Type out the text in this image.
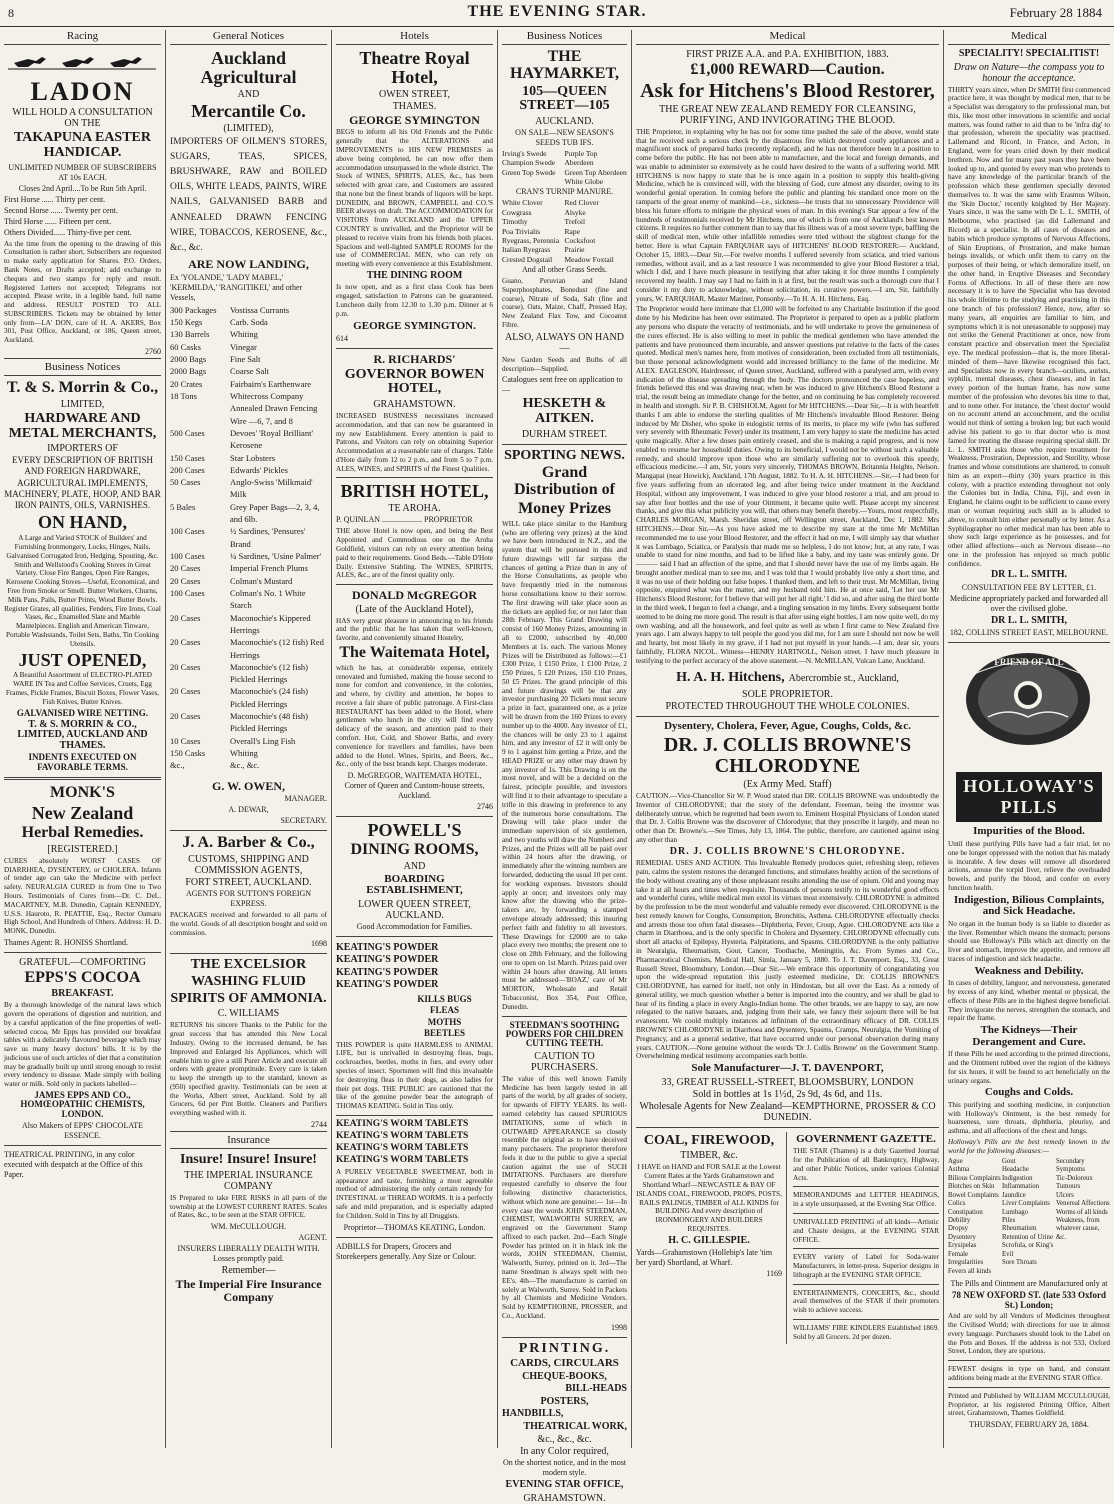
8	THE EVENING STAR.	February 28 1884
Racing
LADON
WILL HOLD A CONSULTATION ON THE
TAKAPUNA EASTER HANDICAP.
UNLIMITED NUMBER OF SUBSCRIBERS AT 10s EACH.
Closes 2nd April....To be Run 5th April.
First Horse ...... Thirty per cent.
Second Horse ...... Twenty per cent.
Third Horse ...... Fifteen per cent.
Others Divided...... Thirty-five per cent.
As the time from the opening to the drawing of this Consultation is rather short, Subscribers are requested to make early application for Shares. P.O. Orders, Bank Notes, or Drafts accepted; add exchange to cheques and two stamps for reply and result. Registered Letters not accepted; Telegrams not accepted. Please write, in a legible hand, full name and address. RESULT POSTED TO ALL SUBSCRIBERS. Tickets may be obtained by letter only from—LA' DON, care of H. A. AKERS, Box 301, Post Office, Auckland, or 186, Queen street, Auckland.
2760
Business Notices
T. & S. Morrin & Co.,
LIMITED,
HARDWARE AND METAL MERCHANTS,
IMPORTERS OF
EVERY DESCRIPTION OF BRITISH AND FOREIGN HARDWARE, AGRICULTURAL IMPLEMENTS, MACHINERY, PLATE, HOOP, AND BAR IRON PAINTS, OILS, VARNISHES.
ON HAND,
A Large and Varied STOCK of Builders' and Furnishing Ironmongery, Locks, Hinges, Nails, Galvanised Corrugated Iron, Hedging, Spouting, &c. Smith and Wellstood's Cooking Stoves in Great Variety. Close Fire Ranges, Open Fire Ranges, Kerosene Cooking Stoves—Useful, Economical, and Free from Smoke or Smell. Butter Workers, Churns, Milk Pans, Pails, Butter Prints, Wood Butter Bowls. Register Grates, all qualities, Fenders, Fire Irons, Coal Vases, &c., Enamelled Slate and Marble Mantelpieces. English and American Tinware, Portable Washstands, Toilet Sets, Baths, Tin Cooking Utensils.
JUST OPENED,
A Beautiful Assortment of ELECTRO-PLATED WARE IN Tea and Coffee Services, Cruets, Egg Frames, Pickle Frames, Biscuit Boxes, Flower Vases, Fish Knives, Butter Knives.
GALVANISED WIRE NETTING.
T. & S. MORRIN & CO., LIMITED, AUCKLAND AND THAMES.
INDENTS EXECUTED ON FAVORABLE TERMS.
MONK'S
New Zealand
Herbal Remedies.
[REGISTERED.]
CURES absolutely WORST CASES OF DIARRHŒA, DYSENTERY, or CHOLERA. Infants of tender age can take the Medicine with perfect safety. NEURALGIA CURED in from One to Two Hours. Testimonials of Cures from—Dr. C. DeL. MACARTNEY, M.B. Dunedin, Captain KENNEDY, U.S.S. Hauroto, R. PEATTIE, Esq., Rector Oamaru High School, And Hundreds of Others. Address: H. D. MONK, Dunedin.
Thames Agent: R. HONISS Shortland.
GRATEFUL—COMFORTING
EPPS'S COCOA
BREAKFAST.
By a thorough knowledge of the natural laws which govern the operations of digestion and nutrition, and by a careful application of the fine properties of well-selected cocoa, Mr Epps has provided our breakfast tables with a delicately flavoured beverage which may save us many heavy doctors' bills. It is by the judicious use of such articles of diet that a constitution may be gradually built up until strong enough to resist every tendency to disease. Made simply with boiling water or milk. Sold only in packets labelled—
JAMES EPPS AND CO., HOMŒOPATHIC CHEMISTS, LONDON.
Also Makers of EPPS' CHOCOLATE ESSENCE.
THEATRICAL PRINTING, in any color executed with despatch at the Office of this Paper.
General Notices
Auckland Agricultural
AND
Mercantile Co.
(LIMITED),
IMPORTERS OF OILMEN'S STORES, SUGARS, TEAS, SPICES, BRUSHWARE, RAW and BOILED OILS, WHITE LEADS, PAINTS, WIRE NAILS, GALVANISED BARB and ANNEALED DRAWN FENCING WIRE, TOBACCOS, KEROSENE, &c., &c., &c.
ARE NOW LANDING,
Ex 'YOLANDE,' 'LADY MABEL,' 'KERMILDA,' 'RANGITIKEI,' and other Vessels,
300 Packages	Vostissa Currants
150 Kegs	Carb. Soda
130 Barrels	Whiting
60 Casks	Vinegar
2000 Bags	Fine Salt
2000 Bags	Coarse Salt
20 Crates	Fairbairn's Earthenware
18 Tons	Whitecross Company Annealed Drawn Fencing Wire —6, 7, and 8
500 Cases	Devoes' 'Royal Brilliant' Kerosene
150 Cases	Star Lobsters
200 Cases	Edwards' Pickles
50 Cases	Anglo-Swiss 'Milkmaid' Milk
5 Bales	Grey Paper Bags—2, 3, 4, and 6lb.
100 Cases	½ Sardines, 'Pensures' Brand
100 Cases	¼ Sardines, 'Usine Palmer'
20 Cases	Imperial French Plums
20 Cases	Colman's Mustard
100 Cases	Colman's No. 1 White Starch
20 Cases	Maconochie's Kippered Herrings
20 Cases	Maconochie's (12 fish) Red Herrings
20 Cases	Maconochie's (12 fish) Pickled Herrings
20 Cases	Maconochie's (24 fish) Pickled Herrings
20 Cases	Maconochie's (48 fish) Pickled Herrings
10 Cases	Overall's Ling Fish
150 Casks	Whiting
&c.,	&c., &c.
G. W. OWEN,
MANAGER.
A. DEWAR,
SECRETARY.
J. A. Barber & Co.,
CUSTOMS, SHIPPING AND COMMISSION AGENTS,
FORT STREET, AUCKLAND.
AGENTS FOR SUTTON'S FOREIGN EXPRESS.
PACKAGES received and forwarded to all parts of the world. Goods of all description bought and sold on commission.
1698
THE EXCELSIOR
WASHING FLUID
SPIRITS OF AMMONIA.
C. WILLIAMS
RETURNS his sincere Thanks to the Public for the great success that has attended this New Local Industry. Owing to the increased demand, he has Improved and Enlarged his Appliances, which will enable him to give a still Purer Article and execute all orders with greater promptitude. Every care is taken to keep the strength up to the standard, known as (950) specified gravity. Testimonials can be seen at the Works, Albert street, Auckland. Sold by all Grocers, 6d per Pint Bottle. Cleaners and Purifiers everything washed with it.
2744
Insurance
Insure! Insure! Insure!
THE IMPERIAL INSURANCE COMPANY
IS Prepared to take FIRE RISKS in all parts of the township at the LOWEST CURRENT RATES. Scales of Rates, &c., to be seen at the STAR OFFICE.
WM. McCULLOUGH.
AGENT.
INSURERS LIBERALLY DEALTH WITH. Losses promptly paid.
Remember—
The Imperial Fire Insurance Company
Hotels
Theatre Royal Hotel,
OWEN STREET,
THAMES.
GEORGE SYMINGTON
BEGS to inform all his Old Friends and the Public generally that the ALTERATIONS and IMPROVEMENTS to HIS NEW PREMISES as above being completed, he can now offer them accommodation unsurpassed in the whole district. The Stock of WINES, SPIRITS, ALES, &c., has been selected with great care, and Customers are assured that none but the finest brands of liquors will be kept. DUNEDIN, and BROWN, CAMPBELL and CO.'S BEER always on draft. The ACCOMMODATION for VISITORS from AUCKLAND and the UPPER COUNTRY is unrivalled, and the Proprietor will be pleased to receive visits from his friends both places. Spacious and well-lighted SAMPLE ROOMS for the use of COMMERCIAL MEN, who can rely on meeting with every convenience at this Establishment.
THE DINING ROOM
Is now open, and as a first class Cook has been engaged, satisfaction to Patrons can be guaranteed. Luncheon daily from 12.30 to 1.30 p.m. Dinner at 6 p.m.
GEORGE SYMINGTON.
614
R. RICHARDS'
GOVERNOR BOWEN HOTEL,
GRAHAMSTOWN.
INCREASED BUSINESS necessitates increased accommodation, and that can now be guaranteed in my new Establishment. Every attention is paid to Patrons, and Visitors can rely on obtaining Superior Accommodation at a reasonable rate of charges. Table d'Hote daily from 12 to 2 p.m., and from 5 to 7 p.m. ALES, WINES, and SPIRITS of the Finest Qualities.
BRITISH HOTEL,
TE AROHA.
P. QUINLAN .................... PROPRIETOR
THE above Hotel is now open, and being the Best Appointed and Commodious one on the Aroha Goldfield, visitors can rely on every attention being paid to their requirements. Good Beds.—Table D'Hote Daily. Extensive Stabling. The WINES, SPIRITS, ALES, &c., are of the finest quality only.
DONALD McGREGOR
(Late of the Auckland Hotel),
HAS very great pleasure in announcing to his friends and the public that he has taken that well-known, favorite, and conveniently situated Hostelry,
The Waitemata Hotel,
which he has, at considerable expense, entirely renovated and furnished, making the house second to none for comfort and convenience, in the colonies, and where, by civility and attention, he hopes to receive a fair share of public patronage. A First-class RESTAURANT has been added to the Hotel, where gentlemen who lunch in the city will find every delicacy of the season, and attention paid to their comfort. Hot, Cold, and Shower Baths, and every convenience for travellers and families, have been added to the Hotel. Wines, Spirits, and Beers, &c., &c., only of the best brands kept. Charges moderate.
D. McGREGOR, WAITEMATA HOTEL, Corner of Queen and Custom-house streets, Auckland.
2746
POWELL'S
DINING ROOMS,
AND
BOARDING ESTABLISHMENT,
LOWER QUEEN STREET, AUCKLAND.
Good Accommodation for Families.
KEATING'S POWDER
KEATING'S POWDER
KEATING'S POWDER
KEATING'S POWDER
KILLS BUGS
FLEAS
MOTHS
BEETLES
THIS POWDER is quite HARMLESS to ANIMAL LIFE, but is unrivalled in destroying fleas, bugs, cockroaches, beetles, moths in furs, and every other species of insect. Sportsmen will find this invaluable for destroying fleas in their dogs, as also ladies for their pet dogs. THE PUBLIC are cautioned that the like of the genuine powder bear the autograph of THOMAS KEATING. Sold in Tins only.
KEATING'S WORM TABLETS
KEATING'S WORM TABLETS
KEATING'S WORM TABLETS
KEATING'S WORM TABLETS
A PURELY VEGETABLE SWEETMEAT, both in appearance and taste, furnishing a most agreeable method of administering the only certain remedy for INTESTINAL or THREAD WORMS. It is a perfectly safe and mild preparation, and is especially adapted for Children. Sold in Tins by all Druggists.
Proprietor—THOMAS KEATING, London.
ADBILLS for Drapers, Grocers and Storekeepers generally. Any Size or Colour.
Business Notices
THE HAYMARKET,
105—QUEEN STREET—105
AUCKLAND.
ON SALE—NEW SEASON'S SEEDS TUB IFS.
Irving's Swede
Champion Swede
Green Top Swede
Purple Top Aberdeen
Green Top Aberdeen
White Globe
CRAN'S TURNIP MANURE.
White Clover
Cowgrass
Timothy
Poa Trivialis
Ryegrass, Perennia
Italian Ryegrass
Crested Dogstail
Red Clover
Alsyke
Trefoil
Rape
Cocksfoot
Prairie
Meadow Foxtail
And all other Grass Seeds.
Guano, Peruvian and Island Superphosphates, Bonedust (fine and coarse), Nitrate of Soda, Salt (fine and coarse). Oats, Maize, Chaff, Pressed Hay, New Zealand Flax Tow, and Cocoanut Fibre.
ALSO, ALWAYS ON HAND—
New Garden Seeds and Bulbs of all description—Supplied.
Catalogues sent free on application to—
HESKETH & AITKEN.
DURHAM STREET.
SPORTING NEWS.
Grand Distribution of
Money Prizes
WILL take place similar to the Hamburg (who are offering very prizes) at the kind we have been introduced in N.Z., and the system that will be pursued in this and future drawings will far surpass the chances of getting a Prize than in any of the Horse Consultations, as people who have frequently tried in the numerous horse consultations know to their sorrow. The first drawing will take place soon as the tickets are applied for, or not later than 28th February. This Grand Drawing will consist of 160 Money Prizes, amounting in all to £2000, subscribed by 40,000 Members at 1s. each. The various Money Prizes will be Distributed as follows:—£1 £300 Prize, 1 £150 Prize, 1 £100 Prize, 2 £50 Prizes, 5 £20 Prizes, 150 £10 Prizes, 50 £5 Prizes. The grand principle of this and future drawings will be that any investor purchasing 20 Tickets must secure a prize in fact, guaranteed one, as a prize will be drawn from the 160 Prizes to every number up to the 4000. Any investor of £1, the chances will be only 23 to 1 against him, and any investor of £2 it will only be 9 to 1 against him getting a Prize, and the HEAD PRIZE or any other may drawn by any investor of 1s. This Drawing is on the most novel, and will be a decided on the fairest, principle possible, and investors will find it to their advantage to speculate a trifle in this drawing in preference to any of the numerous horse consultations. The Drawing will take place under the immediate supervision of six gentlemen, and two youths will draw the Numbers and Prizes, and the Prizes will all be paid over within 24 hours after the drawing, or immediately after the winning numbers are forwarded, deducting the usual 10 per cent. for working expenses. Investors should apply at once; and investors only may know after the drawing who the prize-takers are, by forwarding a stamped envelope already addressed; this insuring perfect faith and fidelity to all investors. These Drawings for £2000 are to take place every two months; the present one to close on 28th February, and the following one to open on 1st March. Prizes paid over within 24 hours after drawing. All letters must be addressed—'BOAZ,' care of Mr MORTON, Wholesale and Retail Tobacconist, Box 354, Post Office, Dunedin.
STEEDMAN'S SOOTHING POWDERS FOR CHILDREN CUTTING TEETH.
CAUTION TO PURCHASERS.
The value of this well known Family Medicine has been largely tested in all parts of the world, by all grades of society, for upwards of FIFTY YEARS. Its well-earned celebrity has caused SPURIOUS IMITATIONS, some of which in OUTWARD APPEARANCE so closely resemble the original as to have deceived many purchasers. The proprietor therefore feels it due to the public to give a special caution against the use of SUCH IMITATIONS. Purchasers are therefore requested carefully to observe the four following distinctive characteristics, without which none are genuine:— 1st—In every case the words JOHN STEEDMAN, CHEMIST, WALWORTH SURREY, are engraved on the Government Stamp affixed to each packet. 2nd—Each Single Powder has printed on it in black ink the words, JOHN STEEDMAN, Chemist, Walworth, Surrey, printed on it. 3rd—The name Steedman is always spelt with two EE's. 4th—The manufacture is carried on solely at Walworth, Surrey. Sold in Packets by all Chemists and Medicine Vendors. Sold by KEMPTHORNE, PROSSER, and Co., Auckland.
1998
PRINTING.
CARDS, CIRCULARS
CHEQUE-BOOKS,
BILL-HEADS
POSTERS,
HANDBILLS,
THEATRICAL WORK,
&c., &c., &c.
In any Color required,
On the shortest notice, and in the most modern style.
EVENING STAR OFFICE,
GRAHAMSTOWN.
Medical
FIRST PRIZE A.A. and P.A. EXHIBITION, 1883.
£1,000 REWARD—Caution.
Ask for Hitchens's Blood Restorer,
THE GREAT NEW ZEALAND REMEDY FOR CLEANSING, PURIFYING, AND INVIGORATING THE BLOOD.
THE Proprietor, in explaining why he has not for some time pushed the sale of the above, would state that he received such a serious check by the disastrous fire which destroyed costly appliances and a magnificent stock of prepared barks (recently replaced), and he has not therefore been in a position to come before the public. He has not been able to manufacture, and the local and foreign demands, and was unable to administer so extensively as he could have desired to the wants of a suffering world. MR HITCHENS is now happy to state that he is once again in a position to supply this health-giving Medicine, which he is convinced will, with the blessing of God, cure almost any disorder, owing to its wonderful genial operation. In coming before the public and planting his standard once more on the ramparts of the great enemy of mankind—i.e., sickness—he trusts that no unnecessary Providence will bless his future efforts to mitigate the physical woes of man. In this evening's Star appear a few of the hundreds of testimonials received by Mr Hitchens, one of which is from one of Auckland's best known citizens. It requires no further comment than to say that his illness was of a most severe type, baffling the skill of medical men, while other infallible remedies were tried without the slightest change for the better. Here is what Captain FARQUHAR says of HITCHENS' BLOOD RESTORER:— Auckland, October 15, 1883.—Dear Sir,—For twelve months I suffered severely from sciatica, and tried various remedies, without avail, and as a last resource I was recommended to give your Blood Restorer a trial, which I did, and I have much pleasure in testifying that after taking it for three months I completely recovered my health. I may say I had no faith in it at first, but the result was such a thorough cure that I consider it my duty to acknowledge, without solicitation, its curative powers.—I am, Sir, faithfully yours, W. FARQUHAR, Master Mariner, Ponsonby.—To H. A. H. Hitchens, Esq.
The Proprietor would here intimate that £1,000 will be forfeited to any Charitable Institution if the good done by his Medicine has been over estimated. The Proprietor is prepared to open as a public platform any persons who dispute the veracity of testimonials, and he will undertake to prove the genuineness of the cures effected. He is also willing to meet in public the medical gentlemen who have attended the patients and have pronounced them incurable, and answer questions put relative to the facts of the cases quoted. Medical men's names here, from motives of consideration, been excluded from all testimonials, but those personal acknowledgment would add increased brilliancy to the fame of the medicine. Mr ALEX. EAGLESON, Hairdresser, of Queen street, Auckland, suffered with a paralysed arm, with every indication of the disease spreading through the body. The doctors pronounced the case hopeless, and friends believed this end was drawing near, when he was induced to give Hitchens's Blood Restorer a trial, the result being an immediate change for the better, and on continuing he has completely recovered in health and strength. Sir P. B. CHISHOLM, Agent for Mr HITCHENS.—Dear Sir,—It is with heartfelt thanks I am able to endorse the sterling qualities of Mr Hitchens's invaluable Blood Restorer. Being induced by Mr Disher, who spoke in eulogistic terms of its merits, to place my wife (who has suffered very severely with Rheumatic Fever) under its treatment, I am very happy to state the medicine has acted quite magically. After a few doses pain entirely ceased, and she is making a rapid progress, and is now enabled to resume her household duties. Owing to its beneficial, I would not be without such a valuable remedy, and should improve upon those who are similarly suffering not to overlook this speedy, efficacious medicine.—I am, Sir, yours very sincerely, THOMAS BROWN, Britannia Heights, Nelson. Mangapai (near Howick), Auckland, 17th August, 1882. To H. A. H. HITCHENS.—Sir,—I had been for five years suffering from an ulcerated leg, and after being twice under treatment in the Auckland Hospital, without any improvement, I was induced to give your blood restorer a trial, and am proud to say after four bottles and the use of your Ointment, it became quite well. Please accept my sincerest thanks, and give this what publicity you will, that others may benefit thereby.—Yours, most respectfully, CHARLES MORGAN, Marsh. Sheridan street, off Wellington street, Auckland, Dec 1, 1882. Mrs HITCHENS.—Dear Sir,—As you have asked me to describe my state at the time Mr McMillan recommended me to use your Blood Restorer, and the effect it had on me, I will simply say that whether it was Lumbago, Sciatica, or Paralysis that made me so helpless, I do not know; but, at any rate, I was unable to stand for nine months, and had to be lifted like a baby, and my taste was entirely gone. Dr ——— said I had an affection of the spine, and that I should never have the use of my limbs again. He brought another medical man to see me, and I was told that I would probably live only a short time, and it was no use of their holding out false hopes. I thanked them, and left to their trust. Mr McMillan, living opposite, enquired what was the matter, and my husband told him. He at once said, 'Let her use Mr Hitchens's Blood Restorer, for I believe that will put her all right.' I did so, and after using the third bottle in the third week, I began to feel a change, and a tingling sensation in my limbs. Every subsequent bottle seemed to be doing me more good. The result is that after using eight bottles, I am now quite well, do my own washing, and all the housework, and feel quite as well as when I first came to New Zealand five years ago. I am always happy to tell people the good you did me, for I am sure I should not now be well and hearty, but most likely in my grave, if I had not put myself in your hands.—I am, dear sir, yours faithfully, FLORA NICOL. Witness—HENRY HARTNOLL, Nelson street. I have much pleasure in testifying to the perfect accuracy of the above statement.—N. McMILLAN, Vulcan Lane, Auckland.
H. A. H. Hitchens, Abercrombie st., Auckland,
SOLE PROPRIETOR.
PROTECTED THROUGHOUT THE WHOLE COLONIES.
Dysentery, Cholera, Fever, Ague, Coughs, Colds, &c.
DR. J. COLLIS BROWNE'S CHLORODYNE
(Ex Army Med. Staff)
CAUTION.—Vice-Chancellor Sir W. P. Wood stated that DR. COLLIS BROWNE was undoubtedly the Inventor of CHLORODYNE; that the story of the defendant, Freeman, being the inventor was deliberately untrue, which he regretted had been sworn to. Eminent Hospital Physicians of London stated that Dr. J. Collis Browne was the discoverer of Chlorodyne; that they prescribe it largely, and mean no other than Dr. Browne's.—See Times, July 13, 1864. The public, therefore, are cautioned against using any other than
DR. J. COLLIS BROWNE'S CHLORODYNE.
REMEDIAL USES AND ACTION. This Invaluable Remedy produces quiet, refreshing sleep, relieves pain, calms the system restores the deranged functions, and stimulates healthy action of the secretions of the body without creating any of those unpleasant results attending the use of opium. Old and young may take it at all hours and times when requisite. Thousands of persons testify to its wonderful good effects and wonderful cures, while medical men extol its virtues most extensively. CHLORODYNE is admitted by the profession to be the most wonderful and valuable remedy ever discovered. CHLORODYNE is the best remedy known for Coughs, Consumption, Bronchitis, Asthma. CHLORODYNE effectually checks and arrests those too often fatal diseases—Diphtheria, Fever, Croup, Ague. CHLORODYNE acts like a charm in Diarrhoea, and is the only specific in Cholera and Dysentery. CHLORODYNE effectually cuts short all attacks of Epilepsy, Hysteria, Palpitations, and Spasms. CHLORODYNE is the only palliative in Neuralgia, Rheumatism, Gout, Cancer, Toothache, Meningitis, &c. From Symes and Co., Pharmaceutical Chemists, Medical Hall, Simla, January 5, 1880. To J. T. Davenport, Esq., 33, Great Russell Street, Bloomsbury, London.—Dear Sir,—We embrace this opportunity of congratulating you upon the wide-spread reputation this justly esteemed medicine, Dr. COLLIS BROWNE'S CHLORODYNE, has earned for itself, not only in Hindostan, but all over the East. As a remedy of general utility, we much question whether a better is imported into the country, and we shall be glad to hear of its finding a place in every Anglo-Indian home. The other brands, we are happy to say, are now relegated to the native bazaars, and, judging from their sale, we fancy their sojourn there will be but evanescent. We could multiply instances ad infinitum of the extraordinary efficacy of DR. COLLIS BROWNE'S CHLORODYNE in Diarrhoea and Dysentery, Spasms, Cramps, Neuralgia, the Vomiting of Pregnancy, and as a general sedative, that have occurred under our personal observation during many years. CAUTION.—None genuine without the words 'Dr J. Collis Browne' on the Government Stamp. Overwhelming medical testimony accompanies each bottle.
Sole Manufacturer—J. T. DAVENPORT,
33, GREAT RUSSELL-STREET, BLOOMSBURY, LONDON
Sold in bottles at 1s 1½d, 2s 9d, 4s 6d, and 11s.
Wholesale Agents for New Zealand—KEMPTHORNE, PROSSER & CO DUNEDIN.
COAL, FIREWOOD,
TIMBER, &c.
I HAVE on HAND and FOR SALE at the Lowest Current Rates at the Yards Grahamstown and Shortland Wharf—NEWCASTLE & BAY OF ISLANDS COAL, FIREWOOD, PROPS, POSTS, RAILS PALINGS, TIMBER of ALL KINDS for BUILDING And every description of IRONMONGERY AND BUILDERS REQUISITES.
H. C. GILLESPIE.
Yards—Grahamstown (Hollebip's late 'tim ber yard) Shortland, at Wharf.
1169
GOVERNMENT GAZETTE.
THE STAR (Thames) is a duly Gazetted Journal for the Publication of all Bankruptcy, Highway, and other Public Notices, under various Colonial Acts.
MEMORANDUMS and LETTER HEADINGS, in a style unsurpassed, at the Evening Star Office.
UNRIVALLED PRINTING of all kinds—Artistic and Chaste designs, at the EVENING STAR OFFICE.
EVERY variety of Label for Soda-water Manufacturers, in letter-press. Superior designs in lithograph at the EVENING STAR OFFICE.
ENTERTAINMENTS, CONCERTS, &c., should avail themselves of the STAR if their promoters wish to achieve success.
WILLIAMS' FIRE KINDLERS Established 1869. Sold by all Grocers. 2d per dozen.
Medical
SPECIALITY! SPECIALITIST!
Draw on Nature—the compass you to honour the acceptance.
THIRTY years since, when Dr SMITH first commenced practice here, it was thought by medical men, that to be a Specialist was derogatory to the professional man, but this, like most other innovations in scientific and social matters, was found rather to aid than to be 'infra dig' to that profession, wherein the speciality was practised. Lallemand and Ricord, in France, and Acton, in England, were for years cried down by their medical brethren. Now and for many past years they have been looked up to, and quoted by every man who pretends to have any knowledge of the particular branch of the profession which these gentlemen specially devoted themselves to. It was the same with Erasmus Wilson, the 'Skin Doctor,' recently knighted by Her Majesty. Years since, it was the same with Dr L. L. SMITH, of Melbourne, who practised (as did Lallemand and Ricord) as a specialist. In all cases of diseases and habits which produce symptoms of Nervous Affections, of Skin Eruptions, of Prostration, and make human beings invalids, or which unfit them to carry on the purposes of their being, or which demoralize itself, on the other hand, in Eruptive Diseases and Secondary Forms of Affections. In all of these there are now necessary it is to have the Specialist who has devoted his whole lifetime to the studying and practising in this one branch of his profession? Hence, now, after so many years, all enquiries are familiar to him, and symptoms which it is not unreasonable to suppose) may not strike the General Practitioner at once, now from constant practice and observation meet the Specialist eye. The medical profession—that is, the more liberal-minded of them—have likewise recognised this fact, and Specialists now in every branch—oculists, aurists, syphilis, mental diseases, chest diseases, and in fact every portion of the human frame, has now some member of the profession who devotes his time to that, and to none other. For instance, the 'chest doctor' would on no account attend an accouchment, and the oculist would not think of setting a broken leg; but each would advise his patient to go to that doctor who is most famed for treating the disease requiring special skill. Dr L. L. SMITH asks those who require treatment for Weakness, Prostration, Depression, and Sterility, whose frames and whose constitutions are shattered, to consult him as an expert—thirty (30) years practice in this colony, with a practice extending throughout not only the Colonies but in India, China, Fiji, and even in England, he claims ought to be sufficient to cause every man or woman requiring such skill as is alluded to above, to consult him either personally or by letter. As a Syphilographer no other medical man has been able to show such large experience as he possesses, and for other allied affections—such as Nervous disease—no one in the profession has enjoyed so much public confidence.
DR L. L. SMITH.
CONSULTATION FEE BY LETTER, £1.
Medicine appropriately packed and forwarded all over the civilised globe.
DR L. L. SMITH,
182, COLLINS STREET EAST, MELBOURNE.
FRIEND OF ALL
HOLLOWAY'S PILLS
Impurities of the Blood.
Until these purifying Pills have had a fair trial, let no one be longer oppressed with the notion that his malady is incurable. A few doses will remove all disordered actions, arouse the torpid liver, relieve the overloaded bowels, and purify the blood, and confer on every function health.
Indigestion, Bilious Complaints, and Sick Headache.
No organ in the human body is so liable to disorder as the liver. Remember which means the stomach; persons should use Holloway's Pills which act directly on the liver and stomach, improve the appetite, and remove all traces of indigestion and sick headache.
Weakness and Debility.
In cases of debility, languor, and nervousness, generated by excess of any kind, whether mental or physical, the effects of these Pills are in the highest degree beneficial. They invigorate the nerves, strengthen the stomach, and repair the frame.
The Kidneys—Their Derangement and Cure.
If these Pills be used according to the printed directions, and the Ointment rubbed over the region of the kidneys for six hours, it will be found to act beneficially on the urinary organs.
Coughs and Colds.
This purifying and soothing medicine, in conjunction with Holloway's Ointment, is the best remedy for hoarseness, sore throats, diphtheria, pleurisy, and asthma, and all affections of the chest and lungs.
Holloway's Pills are the best remedy known in the world for the following diseases:—
Ague
Asthma
Bilious Complaints
Blotches on Skin
Bowel Complaints
Colics
Constipation
Debility
Dropsy
Dysentery
Erysipelas
Female Irregularities
Fevers all kinds
Gout
Headache
Indigestion
Inflammation
Jaundice
Liver Complaints
Lumbago
Piles
Rheumatism
Retention of Urine
Scrofula, or King's Evil
Sore Throats
Secondary Symptoms
Tic-Doloreux
Tumours
Ulcers
Venereal Affections
Worms of all kinds
Weakness, from whatever cause, &c.
The Pills and Ointment are Manufactured only at
78 NEW OXFORD ST. (late 533 Oxford St.) London;
And are sold by all Vendors of Medicines throughout the Civilised World; with directions for use in almost every language. Purchasers should look to the Label on the Pots and Boxes. If the address is not 533, Oxford Street, London, they are spurious.
FEWEST designs in type on hand, and constant additions being made at the EVENING STAR Office.
Printed and Published by WILLIAM MCCULLOUGH, Proprietor, at his registered Printing Office, Albert street, Grahamstown, Thames Goldfield.
THURSDAY, FEBRUARY 28, 1884.
